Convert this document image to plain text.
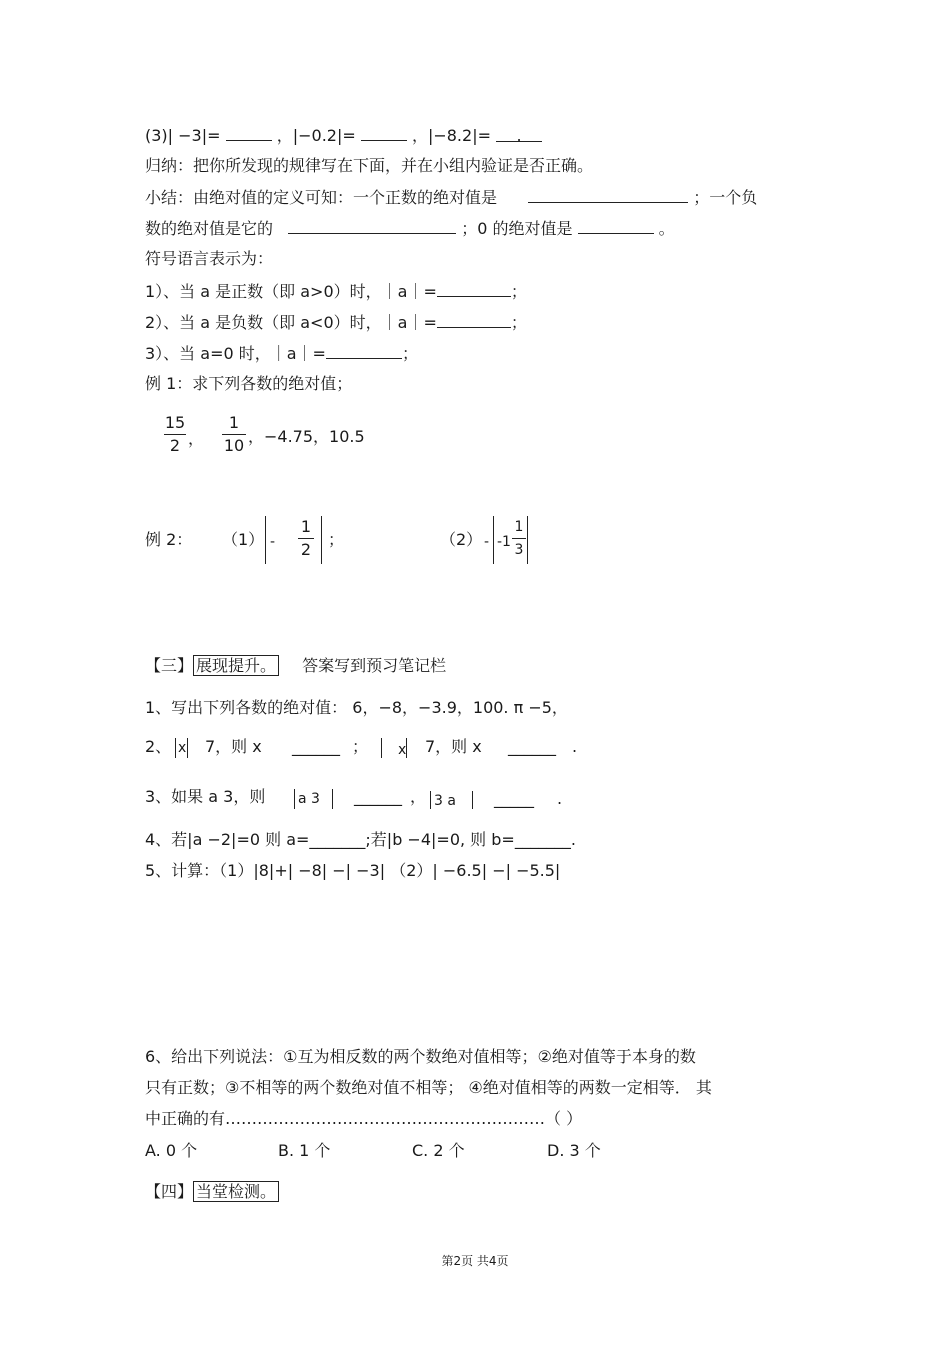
(3)| −3|=	，|−0.2|=	，|−8.2|= .
归纳：把你所发现的规律写在下面，并在小组内验证是否正确。
小结：由绝对值的定义可知：一个正数的绝对值是	；一个负
数的绝对值是它的	；0 的绝对值是	。
符号语言表示为：
1）、当 a 是正数（即 a>0）时，｜a｜=	；
2）、当 a 是负数（即 a<0）时，｜a｜=	；
3）、当 a=0 时，｜a｜=	；
例 1：求下列各数的绝对值；
15
2 ，
1
10 ，−4.75，10.5
例 2： （1） -
1
2
；	（2） - -1
1
3
【三】 展现提升。 答案写到预习笔记栏
1、写出下列各数的绝对值： 6，−8，−3.9，100. π −5，
2、 x 7，则 x ______ ； x 7，则 x ______ .
3、如果 a 3，则 a 3 ______ ， 3 a _____ .
4、若|a −2|=0 则 a=_______;若|b −4|=0, 则 b=_______.
5、计算：（1）|8|+| −8| −| −3| （2）| −6.5| −| −5.5|
6、给出下列说法：①互为相反数的两个数绝对值相等；②绝对值等于本身的数
只有正数；③不相等的两个数绝对值不相等； ④绝对值相等的两数一定相等． 其
中正确的有……………………………………………………（ ）
A. 0 个	B. 1 个	C. 2 个	D. 3 个
【四】 当堂检测。
第2页 共4页
